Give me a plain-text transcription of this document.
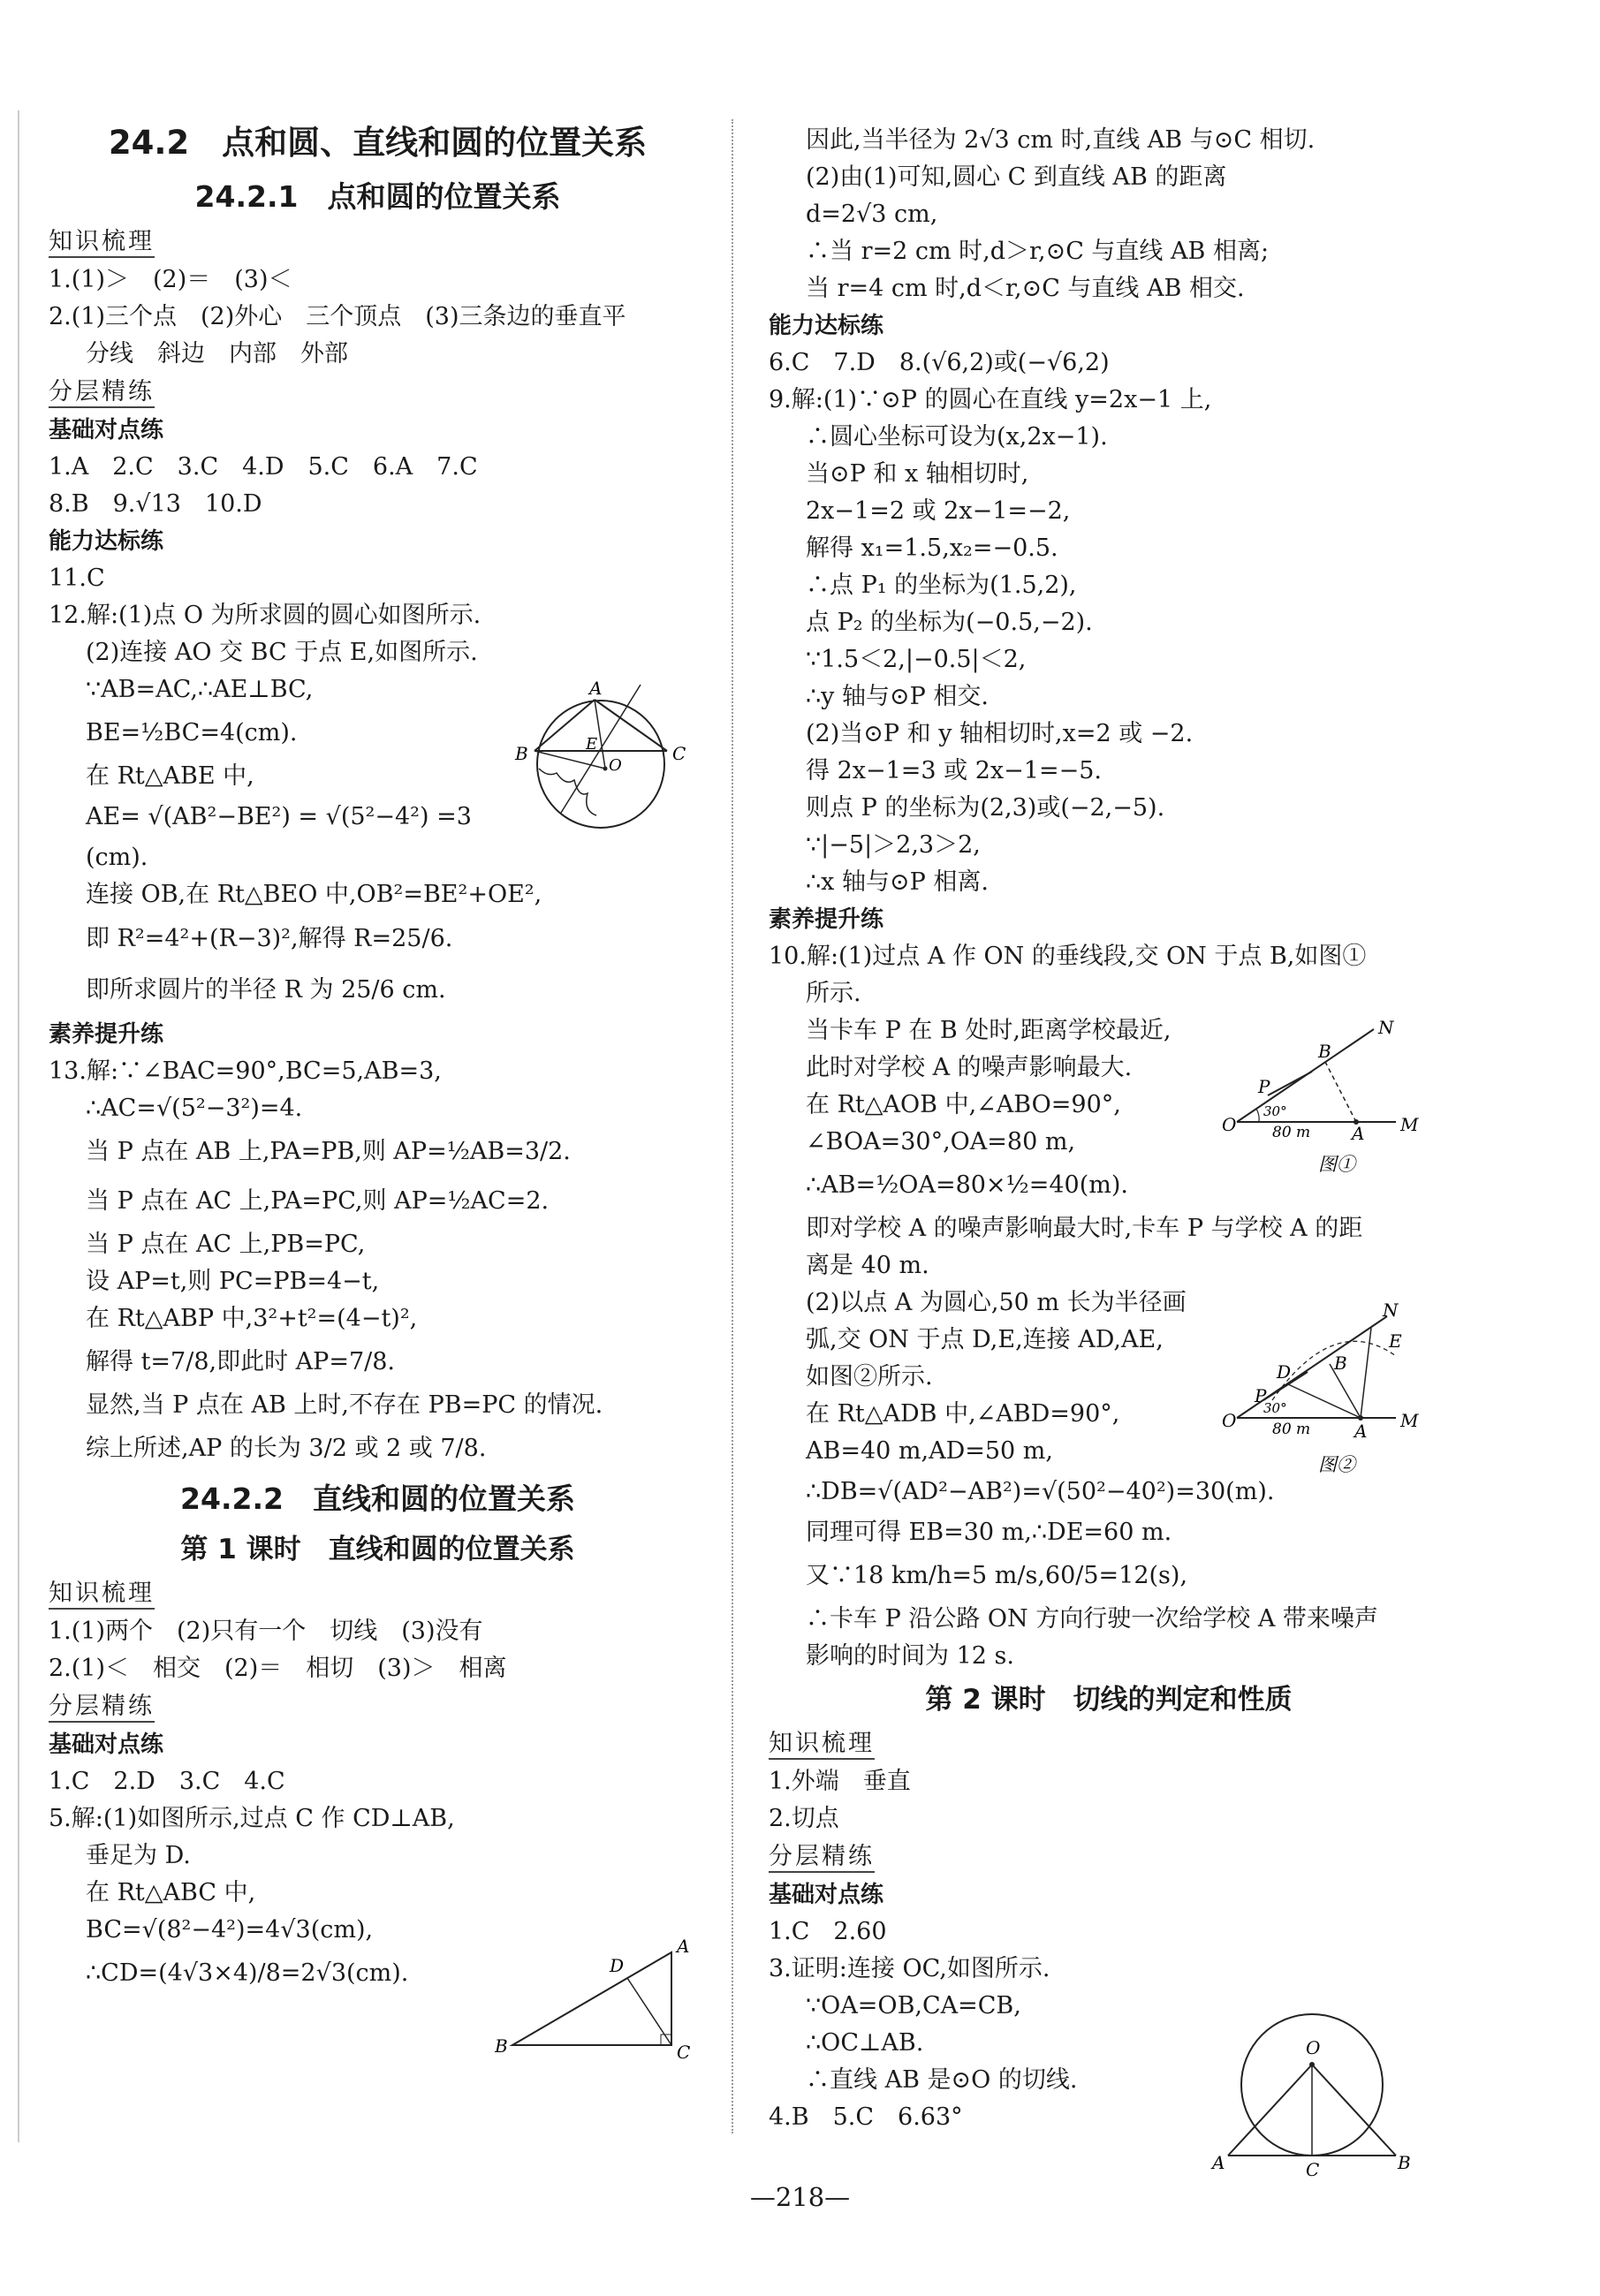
24.2　点和圆、直线和圆的位置关系
24.2.1　点和圆的位置关系
知识梳理
1.(1)＞　(2)＝　(3)＜
2.(1)三个点　(2)外心　三个顶点　(3)三条边的垂直平
分线　斜边　内部　外部
分层精练
基础对点练
1.A　2.C　3.C　4.D　5.C　6.A　7.C
8.B　9.√13　10.D
能力达标练
11.C
12.解:(1)点 O 为所求圆的圆心如图所示.
(2)连接 AO 交 BC 于点 E,如图所示.
∵AB=AC,∴AE⊥BC,
BE=½BC=4(cm).
在 Rt△ABE 中,
AE= √(AB²−BE²) = √(5²−4²) =3
(cm).
连接 OB,在 Rt△BEO 中,OB²=BE²+OE²,
即 R²=4²+(R−3)²,解得 R=25/6.
即所求圆片的半径 R 为 25/6 cm.
素养提升练
13.解:∵∠BAC=90°,BC=5,AB=3,
∴AC=√(5²−3²)=4.
当 P 点在 AB 上,PA=PB,则 AP=½AB=3/2.
当 P 点在 AC 上,PA=PC,则 AP=½AC=2.
当 P 点在 AC 上,PB=PC,
设 AP=t,则 PC=PB=4−t,
在 Rt△ABP 中,3²+t²=(4−t)²,
解得 t=7/8,即此时 AP=7/8.
显然,当 P 点在 AB 上时,不存在 PB=PC 的情况.
综上所述,AP 的长为 3/2 或 2 或 7/8.
24.2.2　直线和圆的位置关系
第 1 课时　直线和圆的位置关系
知识梳理
1.(1)两个　(2)只有一个　切线　(3)没有
2.(1)＜　相交　(2)＝　相切　(3)＞　相离
分层精练
基础对点练
1.C　2.D　3.C　4.C
5.解:(1)如图所示,过点 C 作 CD⊥AB,
垂足为 D.
在 Rt△ABC 中,
BC=√(8²−4²)=4√3(cm),
∴CD=(4√3×4)/8=2√3(cm).
A
B	C
E
O
B
A
C
D
因此,当半径为 2√3 cm 时,直线 AB 与⊙C 相切.
(2)由(1)可知,圆心 C 到直线 AB 的距离
d=2√3 cm,
∴当 r=2 cm 时,d＞r,⊙C 与直线 AB 相离;
当 r=4 cm 时,d＜r,⊙C 与直线 AB 相交.
能力达标练
6.C　7.D　8.(√6,2)或(−√6,2)
9.解:(1)∵⊙P 的圆心在直线 y=2x−1 上,
∴圆心坐标可设为(x,2x−1).
当⊙P 和 x 轴相切时,
2x−1=2 或 2x−1=−2,
解得 x₁=1.5,x₂=−0.5.
∴点 P₁ 的坐标为(1.5,2),
点 P₂ 的坐标为(−0.5,−2).
∵1.5＜2,|−0.5|＜2,
∴y 轴与⊙P 相交.
(2)当⊙P 和 y 轴相切时,x=2 或 −2.
得 2x−1=3 或 2x−1=−5.
则点 P 的坐标为(2,3)或(−2,−5).
∵|−5|＞2,3＞2,
∴x 轴与⊙P 相离.
素养提升练
10.解:(1)过点 A 作 ON 的垂线段,交 ON 于点 B,如图①
所示.
当卡车 P 在 B 处时,距离学校最近,
此时对学校 A 的噪声影响最大.
在 Rt△AOB 中,∠ABO=90°,
∠BOA=30°,OA=80 m,
∴AB=½OA=80×½=40(m).
即对学校 A 的噪声影响最大时,卡车 P 与学校 A 的距
离是 40 m.
(2)以点 A 为圆心,50 m 长为半径画
弧,交 ON 于点 D,E,连接 AD,AE,
如图②所示.
在 Rt△ADB 中,∠ABD=90°,
AB=40 m,AD=50 m,
∴DB=√(AD²−AB²)=√(50²−40²)=30(m).
同理可得 EB=30 m,∴DE=60 m.
又∵18 km/h=5 m/s,60/5=12(s),
∴卡车 P 沿公路 ON 方向行驶一次给学校 A 带来噪声
影响的时间为 12 s.
第 2 课时　切线的判定和性质
知识梳理
1.外端　垂直
2.切点
分层精练
基础对点练
1.C　2.60
3.证明:连接 OC,如图所示.
∵OA=OB,CA=CB,
∴OC⊥AB.
∴直线 AB 是⊙O 的切线.
4.B　5.C　6.63°
O
N
M
A
B
P
30°
80 m
图①
O
N
E
M
A
B
D
P
30°
80 m
图②
O
A	C	B
—218—
